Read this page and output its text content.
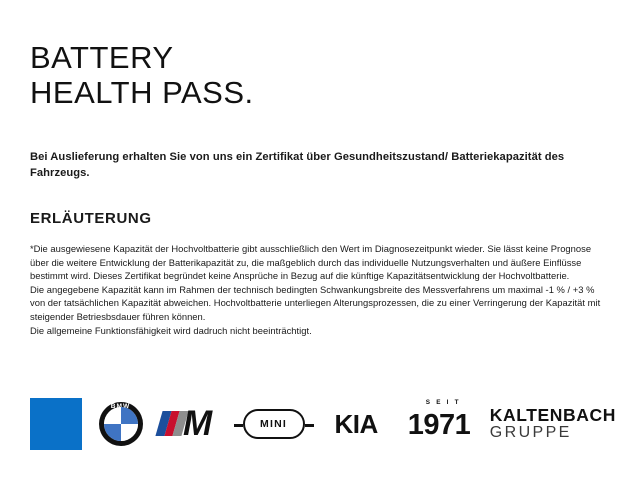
BATTERY
HEALTH PASS.
Bei Auslieferung erhalten Sie von uns ein Zertifikat über Gesundheitszustand/ Batteriekapazität des Fahrzeugs.
ERLÄUTERUNG

*Die ausgewiesene Kapazität der Hochvoltbatterie gibt ausschließlich den Wert im Diagnosezeitpunkt wieder. Sie lässt keine Prognose über die weitere Entwicklung der Batterikapazität zu, die maßgeblich durch das individuelle Nutzungsverhalten und äußere Einflüsse bestimmt wird. Dieses Zertifikat begründet keine Ansprüche in Bezug auf die künftige Kapazitätsentwicklung der Hochvoltbatterie.

Die angegebene Kapazität kann im Rahmen der technisch bedingten Schwankungsbreite des Messverfahrens um maximal -1 % / +3 % von der tatsächlichen Kapazität abweichen. Hochvoltbatterie unterliegen Alterungsprozessen, die zu einer Verringerung der Kapazität mit steigender Betriesbsdauer führen können.

Die allgemeine Funktionsfähigkeit wird dadruch nicht beeinträchtigt.

M	MINI KIA
S E I T
1971 KALTENBACH
GRUPPE
